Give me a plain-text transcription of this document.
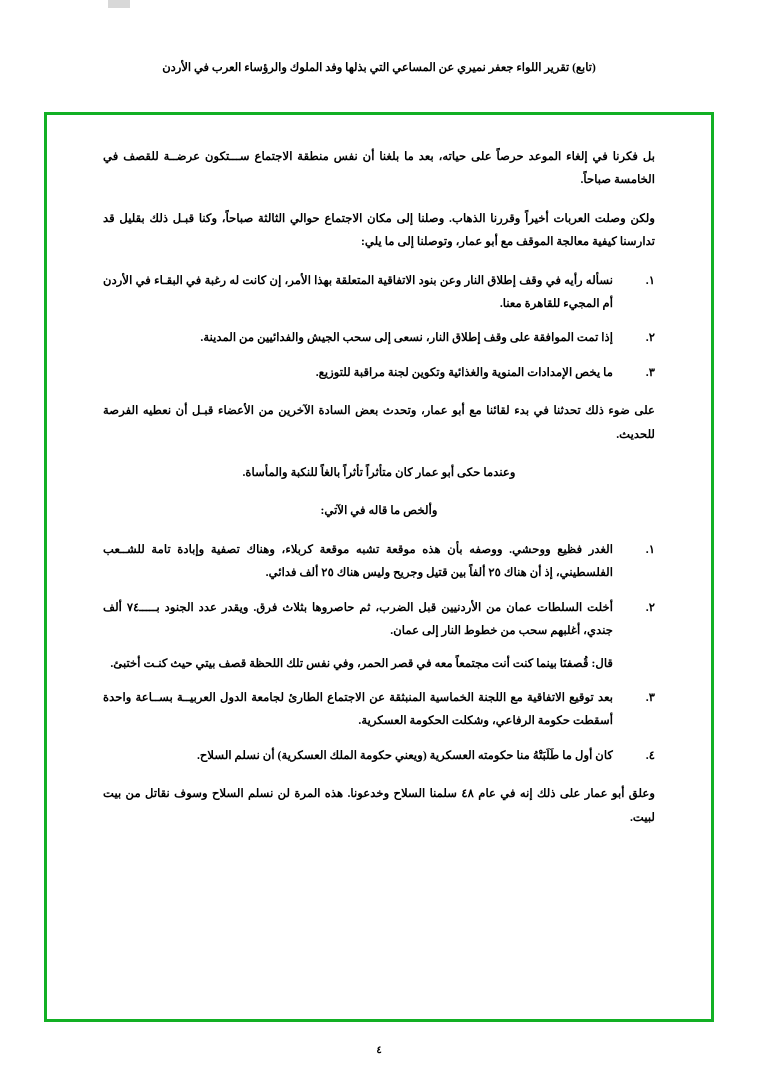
(تابع) تقرير اللواء جعفر نميري عن المساعي التي بذلها وفد الملوك والرؤساء العرب في الأردن

بل فكرنا في إلغاء الموعد حرصاً على حياته، بعد ما بلغنا أن نفس منطقة الاجتماع ســـتكون عرضــة للقصف في الخامسة صباحاً.

ولكن وصلت العربات أخيراً وقررنا الذهاب. وصلنا إلى مكان الاجتماع حوالي الثالثة صباحاً، وكنا قبـل ذلك بقليل قد تدارسنا كيفية معالجة الموقف مع أبو عمار، وتوصلنا إلى ما يلي:

١.
نسأله رأيه في وقف إطلاق النار وعن بنود الاتفاقية المتعلقة بهذا الأمر، إن كانت له رغبة في البقـاء في الأردن أم المجيء للقاهرة معنا.
٢.
إذا تمت الموافقة على وقف إطلاق النار، نسعى إلى سحب الجيش والفدائيين من المدينة.
٣.
ما يخص الإمدادات المنوية والغذائية وتكوين لجنة مراقبة للتوزيع.

على ضوء ذلك تحدثنا في بدء لقائنا مع أبو عمار، وتحدث بعض السادة الآخرين من الأعضاء قبـل أن نعطيه الفرصة للحديث.

وعندما حكى أبو عمار كان متأثراً تأثراً بالغاً للنكبة والمأساة.

وألخص ما قاله في الآتي:

١.
الغدر فظيع ووحشي. ووصفه بأن هذه موقعة تشبه موقعة كربلاء، وهناك تصفية وإبادة تامة للشــعب الفلسطيني، إذ أن هناك ٢٥ ألفاً بين قتيل وجريح وليس هناك ٢٥ ألف فدائي.
٢.
أخلت السلطات عمان من الأردنيين قبل الضرب، ثم حاصروها بثلاث فرق. ويقدر عدد الجنود بـــــ٧٤ ألف جندي، أغلبهم سحب من خطوط النار إلى عمان.
قال: قُصفنَا بينما كنت أنت مجتمعاً معه في قصر الحمر، وفي نفس تلك اللحظة قصف بيتي حيث كنـت أختبئ.
٣.
بعد توقيع الاتفاقية مع اللجنة الخماسية المنبثقة عن الاجتماع الطارئ لجامعة الدول العربيــة بســاعة واحدة أسقطت حكومة الرفاعي، وشكلت الحكومة العسكرية.
٤.
كان أول ما طَلَبَتْهُ منا حكومته العسكرية (ويعني حكومة الملك العسكرية) أن نسلم السلاح.

وعلق أبو عمار على ذلك إنه في عام ٤٨ سلمنا السلاح وخدعونا. هذه المرة لن نسلم السلاح وسوف نقاتل من بيت لبيت.

٤
